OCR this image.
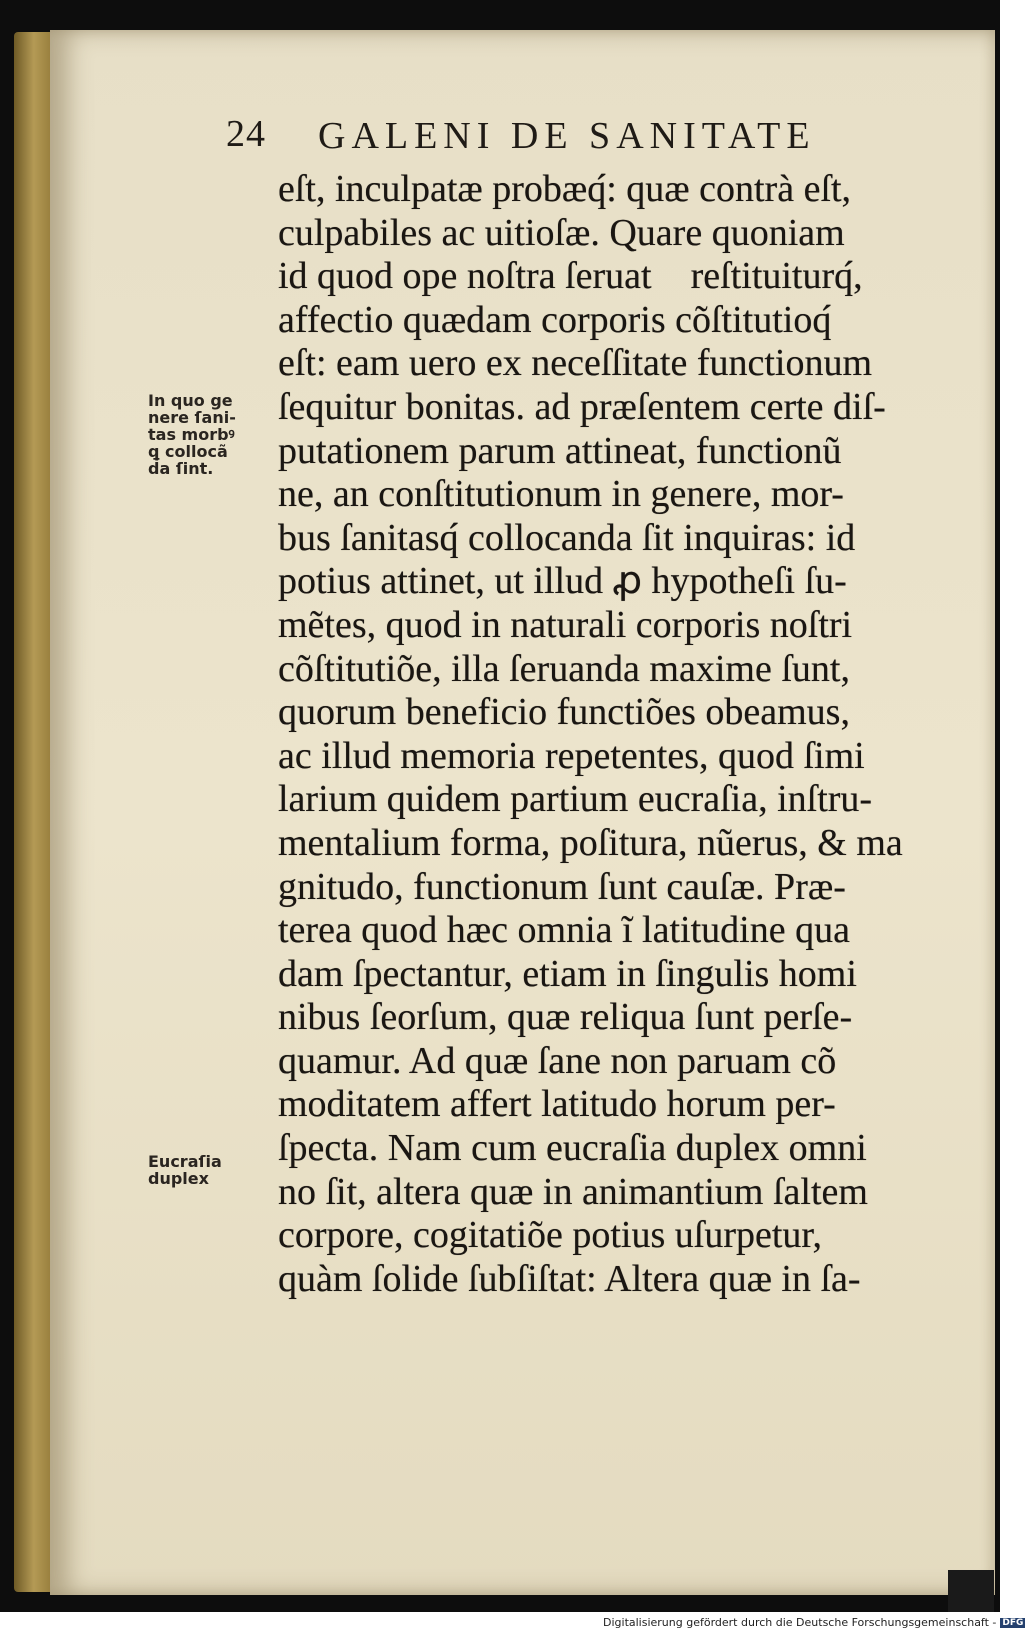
24 GALENI DE SANITATE
In quo ge
nere ſani-
tas morbꝰ
ꝗ collocã
da ſint.
Eucraſia
duplex
eſt, inculpatæ probæq́: quæ contrà eſt,
culpabiles ac uitioſæ. Quare quoniam
id quod ope noſtra ſeruatᷓ reſtituiturq́,
affectio quædam corporis cõſtitutioq́
eſt: eam uero ex neceſſitate functionum
ſequitur bonitas. ad præſentem certe diſ-
putationem parum attineat, functionũ
ne, an conſtitutionum in genere, mor-
bus ſanitasq́ collocanda ſit inquiras: id
potius attinet, ut illud ꝓ hypotheſi ſu-
mẽtes, quod in naturali corporis noſtri
cõſtitutiõe, illa ſeruanda maxime ſunt,
quorum beneficio functiões obeamus,
ac illud memoria repetentes, quod ſimi
larium quidem partium eucraſia, inſtru-
mentalium forma, poſitura, nũerus, & ma
gnitudo, functionum ſunt cauſæ. Præ-
terea quod hæc omnia ĩ latitudine qua
dam ſpectantur, etiam in ſingulis homi
nibus ſeorſum, quæ reliqua ſunt perſe-
quamur. Ad quæ ſane non paruam cõ
moditatem affert latitudo horum per-
ſpecta. Nam cum eucraſia duplex omni
no ſit, altera quæ in animantium ſaltem
corpore, cogitatiõe potius uſurpetur,
quàm ſolide ſubſiſtat: Altera quæ in ſa-
Digitalisierung gefördert durch die Deutsche Forschungsgemeinschaft - DFG
